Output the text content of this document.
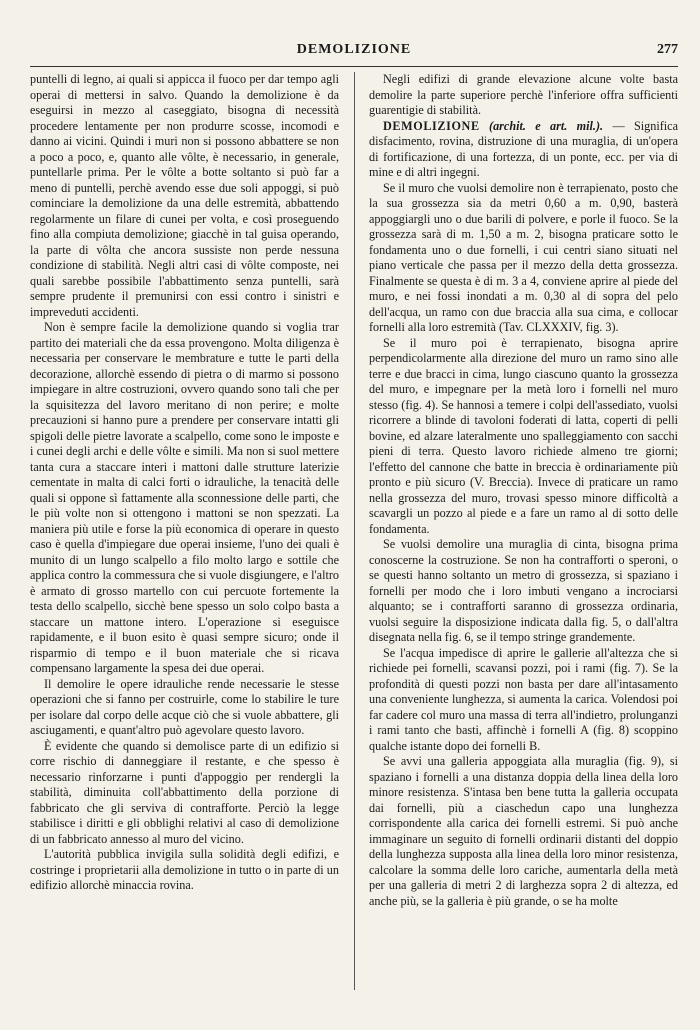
DEMOLIZIONE	277

puntelli di legno, ai quali si appicca il fuoco per dar tempo agli operai di mettersi in salvo. Quando la demolizione è da eseguirsi in mezzo al caseggiato, bisogna di necessità procedere lentamente per non produrre scosse, incomodi e danno ai vicini. Quindi i muri non si possono abbattere se non a poco a poco, e, quanto alle vôlte, è necessario, in generale, puntellarle prima. Per le vôlte a botte soltanto si può far a meno di puntelli, perchè avendo esse due soli appoggi, si può cominciare la demolizione da una delle estremità, abbattendo regolarmente un filare di cunei per volta, e così proseguendo fino alla compiuta demolizione; giacchè in tal guisa operando, la parte di vôlta che ancora sussiste non perde nessuna condizione di stabilità. Negli altri casi di vôlte composte, nei quali sarebbe possibile l'abbattimento senza puntelli, sarà sempre prudente il premunirsi con essi contro i sinistri e impreveduti accidenti.

Non è sempre facile la demolizione quando si voglia trar partito dei materiali che da essa provengono. Molta diligenza è necessaria per conservare le membrature e tutte le parti della decorazione, allorchè essendo di pietra o di marmo si possono impiegare in altre costruzioni, ovvero quando sono tali che per la squisitezza del lavoro meritano di non perire; e molte precauzioni si hanno pure a prendere per conservare intatti gli spigoli delle pietre lavorate a scalpello, come sono le imposte e i cunei degli archi e delle vôlte e simili. Ma non si suol mettere tanta cura a staccare interi i mattoni dalle strutture laterizie cementate in malta di calci forti o idrauliche, la tenacità delle quali si oppone sì fattamente alla sconnessione delle parti, che le più volte non si ottengono i mattoni se non spezzati. La maniera più utile e forse la più economica di operare in questo caso è quella d'impiegare due operai insieme, l'uno dei quali è munito di un lungo scalpello a filo molto largo e sottile che applica contro la commessura che si vuole disgiungere, e l'altro è armato di grosso martello con cui percuote fortemente la testa dello scalpello, sicchè bene spesso un solo colpo basta a staccare un mattone intero. L'operazione si eseguisce rapidamente, e il buon esito è quasi sempre sicuro; onde il risparmio di tempo e il buon materiale che si ricava compensano largamente la spesa dei due operai.

Il demolire le opere idrauliche rende necessarie le stesse operazioni che si fanno per costruirle, come lo stabilire le ture per isolare dal corpo delle acque ciò che si vuole abbattere, gli asciugamenti, e quant'altro può agevolare questo lavoro.

È evidente che quando si demolisce parte di un edifizio si corre rischio di danneggiare il restante, e che spesso è necessario rinforzarne i punti d'appoggio per rendergli la stabilità, diminuita coll'abbattimento della porzione di fabbricato che gli serviva di contrafforte. Perciò la legge stabilisce i diritti e gli obblighi relativi al caso di demolizione di un fabbricato annesso al muro del vicino.

L'autorità pubblica invigila sulla solidità degli edifizi, e costringe i proprietarii alla demolizione in tutto o in parte di un edifizio allorchè minaccia rovina.

Negli edifizi di grande elevazione alcune volte basta demolire la parte superiore perchè l'inferiore offra sufficienti guarentigie di stabilità.

DEMOLIZIONE (archit. e art. mil.). — Significa disfacimento, rovina, distruzione di una muraglia, di un'opera di fortificazione, di una fortezza, di un ponte, ecc. per via di mine e di altri ingegni.

Se il muro che vuolsi demolire non è terrapienato, posto che la sua grossezza sia da metri 0,60 a m. 0,90, basterà appoggiargli uno o due barili di polvere, e porle il fuoco. Se la grossezza sarà di m. 1,50 a m. 2, bisogna praticare sotto le fondamenta uno o due fornelli, i cui centri siano situati nel piano verticale che passa per il mezzo della detta grossezza. Finalmente se questa è di m. 3 a 4, conviene aprire al piede del muro, e nei fossi inondati a m. 0,30 al di sopra del pelo dell'acqua, un ramo con due braccia alla sua cima, e collocar fornelli alla loro estremità (Tav. CLXXXIV, fig. 3).

Se il muro poi è terrapienato, bisogna aprire perpendicolarmente alla direzione del muro un ramo sino alle terre e due bracci in cima, lungo ciascuno quanto la grossezza del muro, e impegnare per la metà loro i fornelli nel muro stesso (fig. 4). Se hannosi a temere i colpi dell'assediato, vuolsi ricorrere a blinde di tavoloni foderati di latta, coperti di pelli bovine, ed alzare lateralmente uno spalleggiamento con sacchi pieni di terra. Questo lavoro richiede almeno tre giorni; l'effetto del cannone che batte in breccia è ordinariamente più pronto e più sicuro (V. Breccia). Invece di praticare un ramo nella grossezza del muro, trovasi spesso minore difficoltà a scavargli un pozzo al piede e a fare un ramo al di sotto delle fondamenta.

Se vuolsi demolire una muraglia di cinta, bisogna prima conoscerne la costruzione. Se non ha contrafforti o speroni, o se questi hanno soltanto un metro di grossezza, si spaziano i fornelli per modo che i loro imbuti vengano a incrociarsi alquanto; se i contrafforti saranno di grossezza ordinaria, vuolsi seguire la disposizione indicata dalla fig. 5, o dall'altra disegnata nella fig. 6, se il tempo stringe grandemente.

Se l'acqua impedisce di aprire le gallerie all'altezza che si richiede pei fornelli, scavansi pozzi, poi i rami (fig. 7). Se la profondità di questi pozzi non basta per dare all'intasamento una conveniente lunghezza, si aumenta la carica. Volendosi poi far cadere col muro una massa di terra all'indietro, prolunganzi i rami tanto che basti, affinchè i fornelli A (fig. 8) scoppino qualche istante dopo dei fornelli B.

Se avvi una galleria appoggiata alla muraglia (fig. 9), si spaziano i fornelli a una distanza doppia della linea della loro minore resistenza. S'intasa ben bene tutta la galleria occupata dai fornelli, più a ciaschedun capo una lunghezza corrispondente alla carica dei fornelli estremi. Si può anche immaginare un seguito di fornelli ordinarii distanti del doppio della lunghezza supposta alla linea della loro minor resistenza, calcolare la somma delle loro cariche, aumentarla della metà per una galleria di metri 2 di larghezza sopra 2 di altezza, ed anche più, se la galleria è più grande, o se ha molte
